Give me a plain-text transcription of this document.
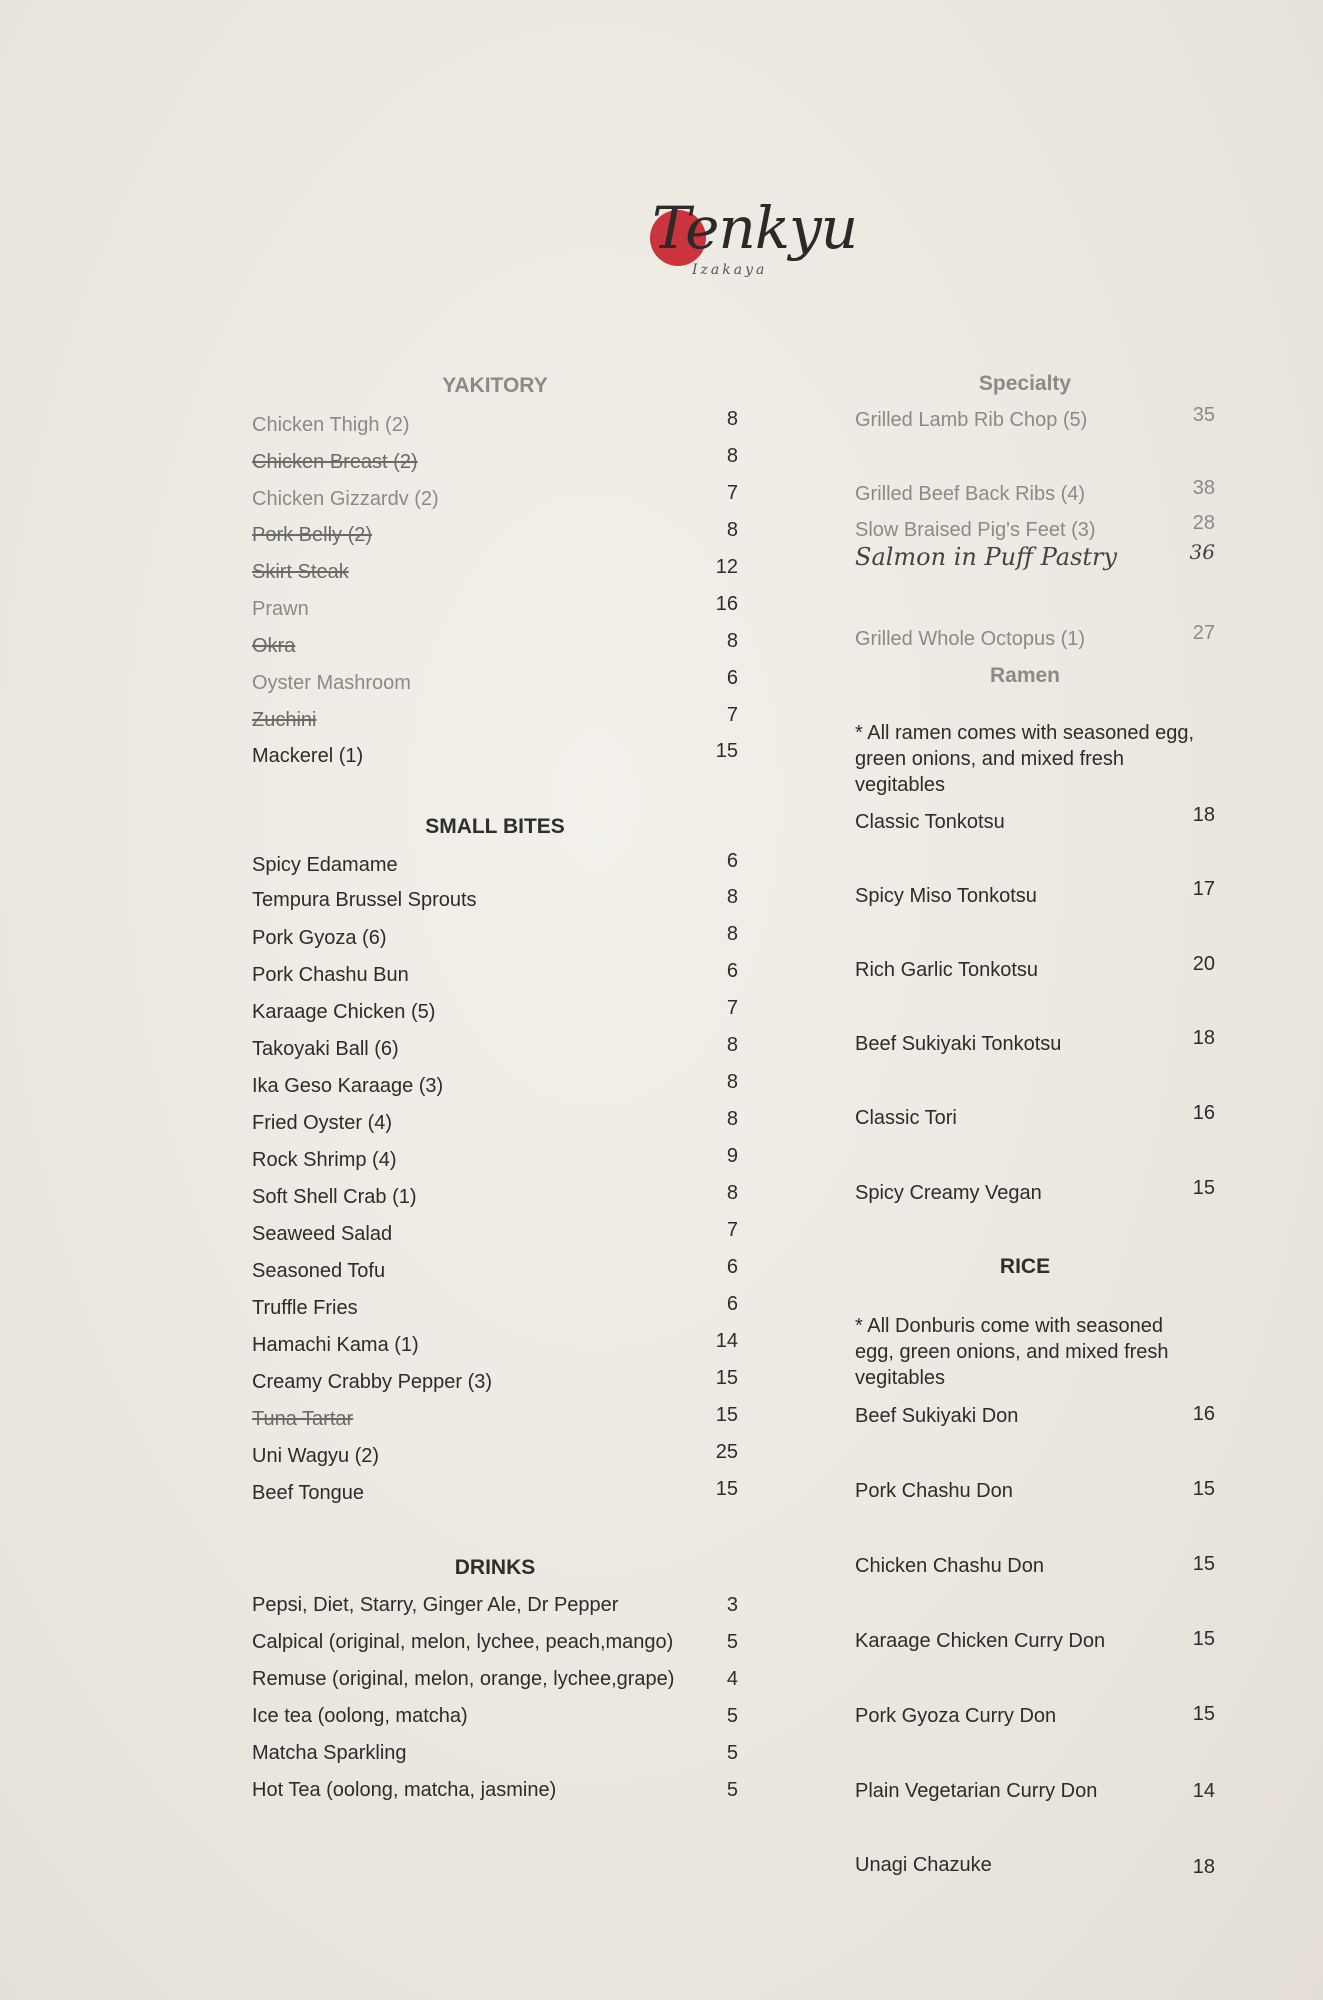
Tenkyu
Izakaya
YAKITORY
Chicken Thigh (2)	8
Chicken Breast (2)	8
Chicken Gizzardv (2)	7
Pork Belly (2)	8
Skirt Steak	12
Prawn	16
Okra	8
Oyster Mashroom	6
Zuchini	7
Mackerel (1)	15
SMALL BITES
Spicy Edamame	6
Tempura Brussel Sprouts	8
Pork Gyoza (6)	8
Pork Chashu Bun	6
Karaage Chicken (5)	7
Takoyaki Ball (6)	8
Ika Geso Karaage (3)	8
Fried Oyster (4)	8
Rock Shrimp (4)	9
Soft Shell Crab (1)	8
Seaweed Salad	7
Seasoned Tofu	6
Truffle Fries	6
Hamachi Kama (1)	14
Creamy Crabby Pepper (3)	15
Tuna Tartar	15
Uni Wagyu (2)	25
Beef Tongue	15
DRINKS
Pepsi, Diet, Starry, Ginger Ale, Dr Pepper	3
Calpical (original, melon, lychee, peach,mango)	5
Remuse (original, melon, orange, lychee,grape)	4
Ice tea (oolong, matcha)	5
Matcha Sparkling	5
Hot Tea (oolong, matcha, jasmine)	5
Specialty
Grilled Lamb Rib Chop (5)	35
Grilled Beef Back Ribs (4)	38
Slow Braised Pig's Feet (3)	28
Salmon in Puff Pastry	36
Grilled Whole Octopus (1)	27
Ramen
* All ramen comes with seasoned egg, green onions, and mixed fresh vegitables
Classic Tonkotsu	18
Spicy Miso Tonkotsu	17
Rich Garlic Tonkotsu	20
Beef Sukiyaki Tonkotsu	18
Classic Tori	16
Spicy Creamy Vegan	15
RICE
* All Donburis come with seasoned egg, green onions, and mixed fresh vegitables
Beef Sukiyaki Don	16
Pork Chashu Don	15
Chicken Chashu Don	15
Karaage Chicken Curry Don	15
Pork Gyoza Curry Don	15
Plain Vegetarian Curry Don	14
Unagi Chazuke	18
